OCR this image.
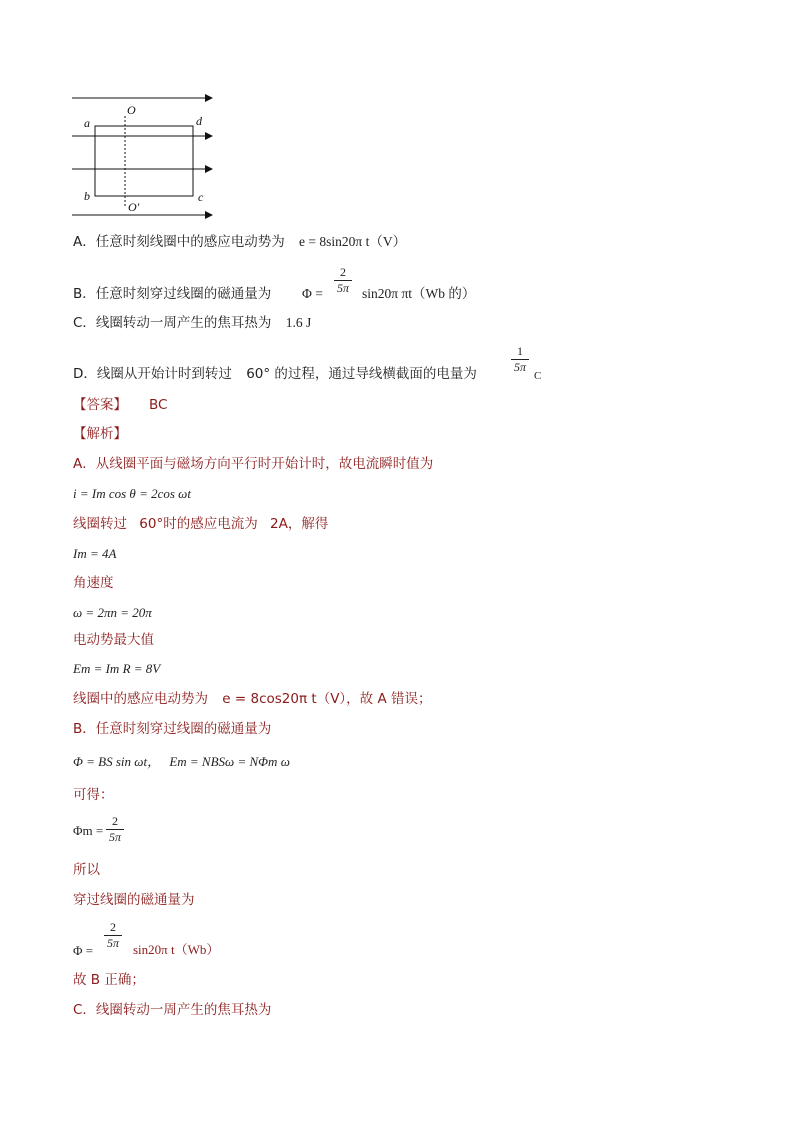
O
O′
a
b	c
d
A．任意时刻线圈中的感应电动势为 e = 8sin20π t（V）
B．任意时刻穿过线圈的磁通量为 Φ =
2
5π sin20π πt（Wb 的）
C．线圈转动一周产生的焦耳热为 1.6 J
D．线圈从开始计时到转过 60° 的过程，通过导线横截面的电量为
1
5π
C
【答案】 BC
【解析】
A．从线圈平面与磁场方向平行时开始计时，故电流瞬时值为
i = Im cos θ = 2cos ωt
线圈转过 60°时的感应电流为 2A，解得
Im = 4A
角速度
ω = 2πn = 20π
电动势最大值
Em = Im R = 8V
线圈中的感应电动势为 e = 8cos20π t（V），故 A 错误；
B．任意时刻穿过线圈的磁通量为
Φ = BS sin ωt， Em = NBSω = NΦm ω
可得：
Φm =
2
5π
所以
穿过线圈的磁通量为
Φ =
2
5π sin20π t（Wb）
故 B 正确；
C．线圈转动一周产生的焦耳热为
